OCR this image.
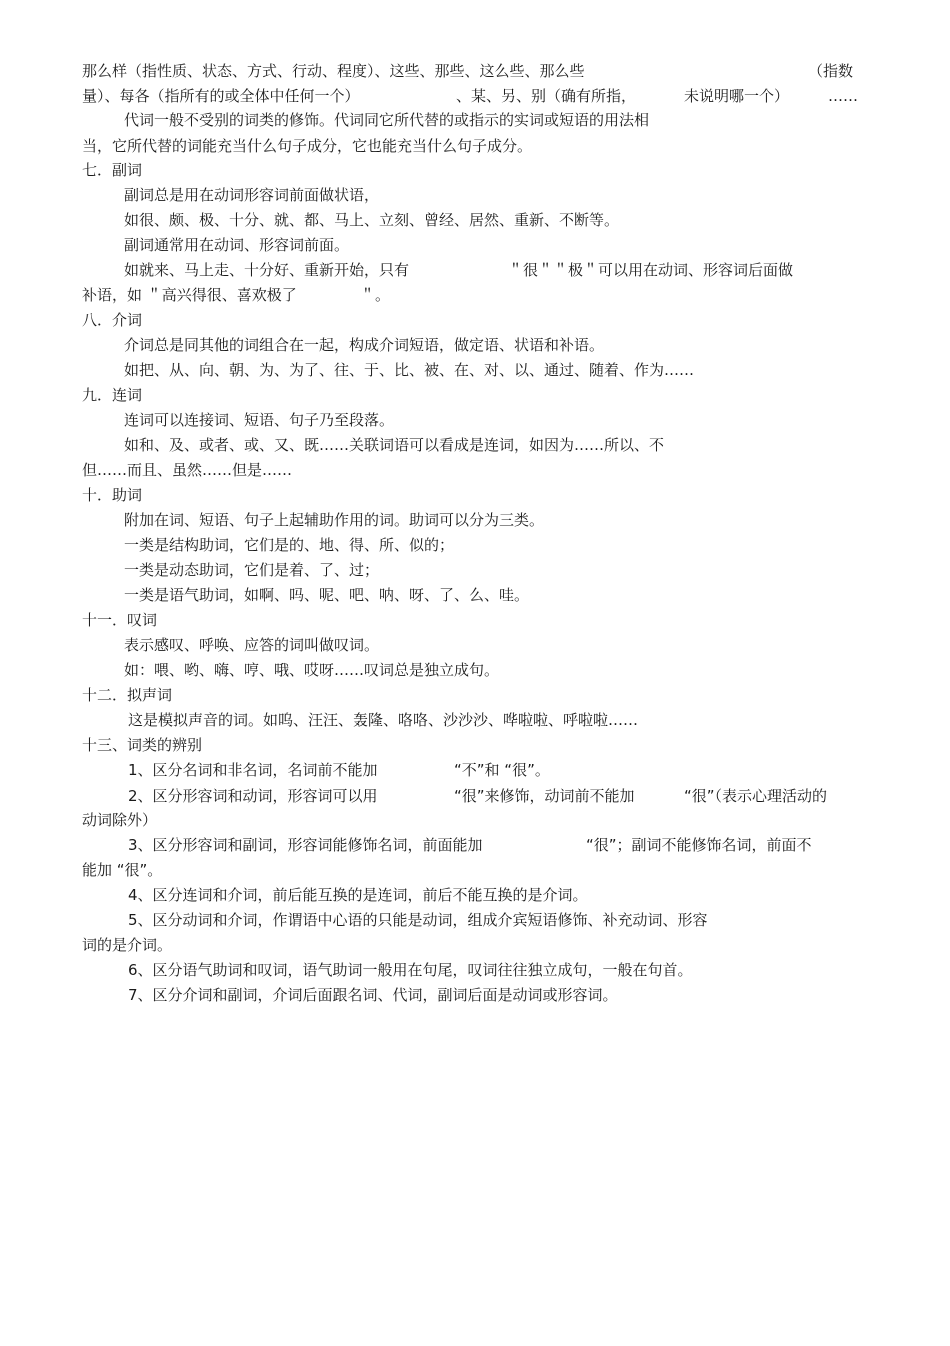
那么样（指性质、状态、方式、行动、程度）、这些、那些、这么些、那么些	（指数
量）、每各（指所有的或全体中任何一个）	、某、另、别（确有所指，	未说明哪一个）	……
代词一般不受别的词类的修饰。代词同它所代替的或指示的实词或短语的用法相
当，它所代替的词能充当什么句子成分，它也能充当什么句子成分。
七．副词
副词总是用在动词形容词前面做状语，
如很、颇、极、十分、就、都、马上、立刻、曾经、居然、重新、不断等。
副词通常用在动词、形容词前面。
如就来、马上走、十分好、重新开始，只有	＂很＂＂极＂可以用在动词、形容词后面做
补语，如 ＂高兴得很、喜欢极了	＂。
八．介词
介词总是同其他的词组合在一起，构成介词短语，做定语、状语和补语。
如把、从、向、朝、为、为了、往、于、比、被、在、对、以、通过、随着、作为……
九．连词
连词可以连接词、短语、句子乃至段落。
如和、及、或者、或、又、既……关联词语可以看成是连词，如因为……所以、不
但……而且、虽然……但是……
十．助词
附加在词、短语、句子上起辅助作用的词。助词可以分为三类。
一类是结构助词，它们是的、地、得、所、似的；
一类是动态助词，它们是着、了、过；
一类是语气助词，如啊、吗、呢、吧、呐、呀、了、么、哇。
十一．叹词
表示感叹、呼唤、应答的词叫做叹词。
如：喂、哟、嗨、哼、哦、哎呀……叹词总是独立成句。
十二．拟声词
这是模拟声音的词。如呜、汪汪、轰隆、咯咯、沙沙沙、哗啦啦、呼啦啦……
十三、词类的辨别
1、区分名词和非名词，名词前不能加	“不”和 “很”。
2、区分形容词和动词，形容词可以用	“很”来修饰，动词前不能加	“很”（表示心理活动的
动词除外）
3、区分形容词和副词，形容词能修饰名词，前面能加	“很”；副词不能修饰名词，前面不
能加 “很”。
4、区分连词和介词，前后能互换的是连词，前后不能互换的是介词。
5、区分动词和介词，作谓语中心语的只能是动词，组成介宾短语修饰、补充动词、形容
词的是介词。
6、区分语气助词和叹词，语气助词一般用在句尾，叹词往往独立成句，一般在句首。
7、区分介词和副词，介词后面跟名词、代词，副词后面是动词或形容词。
